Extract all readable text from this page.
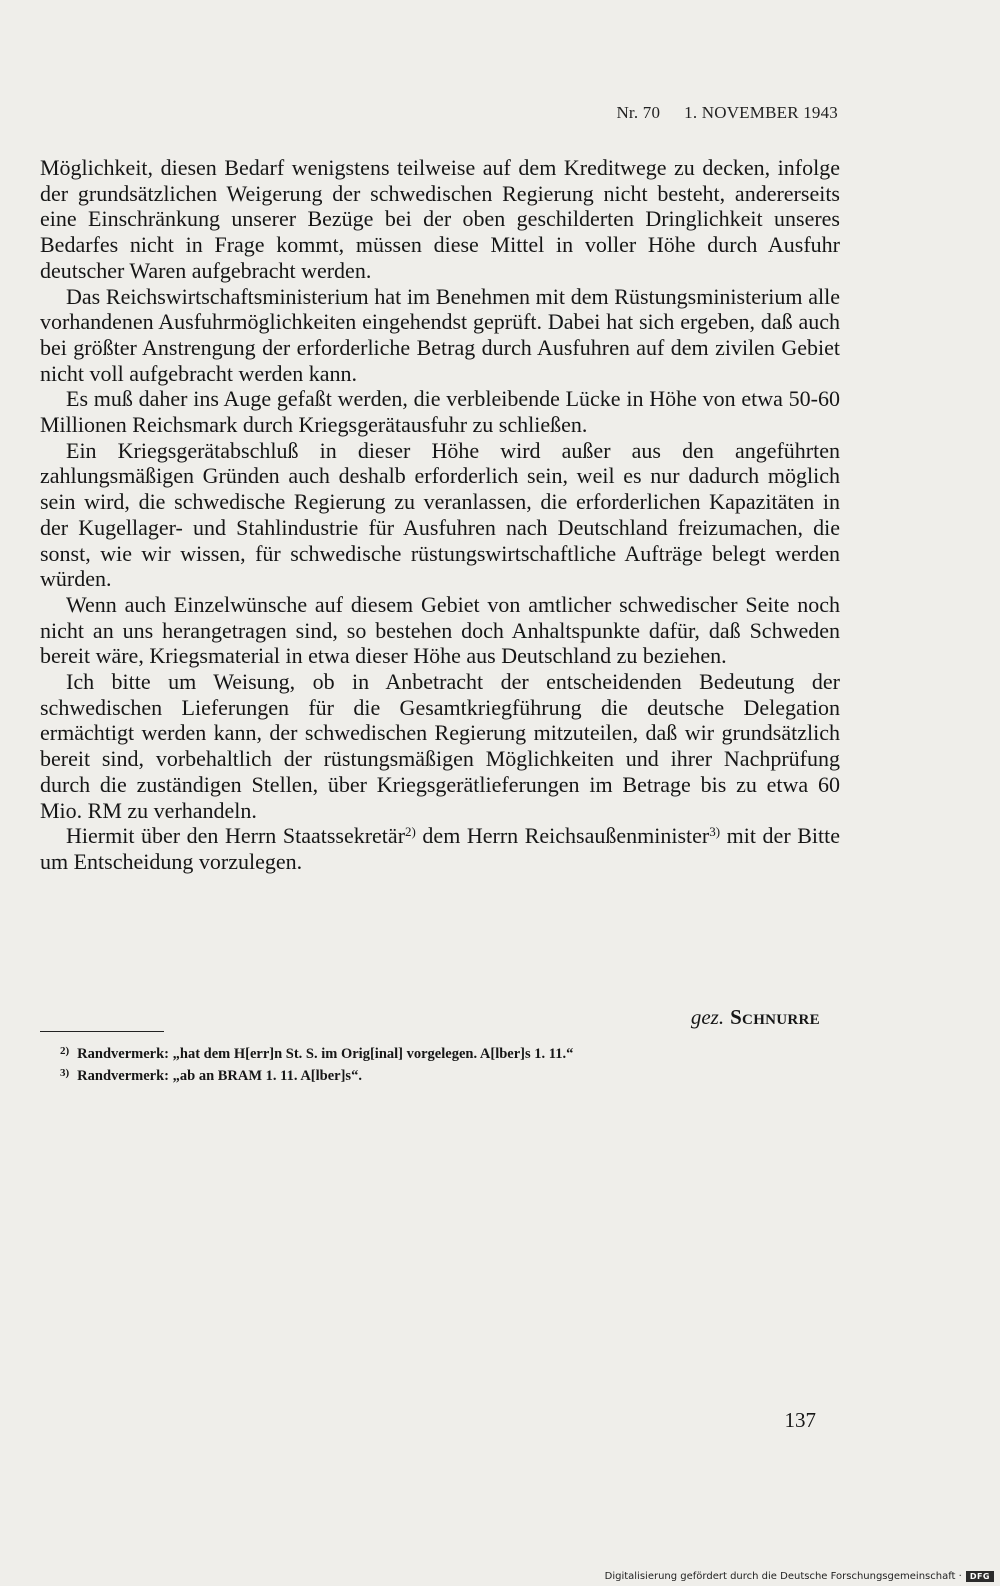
Nr. 70 1. NOVEMBER 1943

Möglichkeit, diesen Bedarf wenigstens teilweise auf dem Kreditwege zu decken, infolge der grundsätzlichen Weigerung der schwedischen Regierung nicht besteht, andererseits eine Einschränkung unserer Bezüge bei der oben geschilderten Dringlichkeit unseres Bedarfes nicht in Frage kommt, müssen diese Mittel in voller Höhe durch Ausfuhr deutscher Waren aufgebracht werden.

Das Reichswirtschaftsministerium hat im Benehmen mit dem Rüstungsministerium alle vorhandenen Ausfuhrmöglichkeiten eingehendst geprüft. Dabei hat sich ergeben, daß auch bei größter Anstrengung der erforderliche Betrag durch Ausfuhren auf dem zivilen Gebiet nicht voll aufgebracht werden kann.

Es muß daher ins Auge gefaßt werden, die verbleibende Lücke in Höhe von etwa 50-60 Millionen Reichsmark durch Kriegsgerätausfuhr zu schließen.

Ein Kriegsgerätabschluß in dieser Höhe wird außer aus den angeführten zahlungsmäßigen Gründen auch deshalb erforderlich sein, weil es nur dadurch möglich sein wird, die schwedische Regierung zu veranlassen, die erforderlichen Kapazitäten in der Kugellager- und Stahlindustrie für Ausfuhren nach Deutschland freizumachen, die sonst, wie wir wissen, für schwedische rüstungswirtschaftliche Aufträge belegt werden würden.

Wenn auch Einzelwünsche auf diesem Gebiet von amtlicher schwedischer Seite noch nicht an uns herangetragen sind, so bestehen doch Anhaltspunkte dafür, daß Schweden bereit wäre, Kriegsmaterial in etwa dieser Höhe aus Deutschland zu beziehen.

Ich bitte um Weisung, ob in Anbetracht der entscheidenden Bedeutung der schwedischen Lieferungen für die Gesamtkriegführung die deutsche Delegation ermächtigt werden kann, der schwedischen Regierung mitzuteilen, daß wir grundsätzlich bereit sind, vorbehaltlich der rüstungsmäßigen Möglichkeiten und ihrer Nachprüfung durch die zuständigen Stellen, über Kriegsgerätlieferungen im Betrage bis zu etwa 60 Mio. RM zu verhandeln.

Hiermit über den Herrn Staatssekretär$^{2)}$ dem Herrn Reichsaußenminister$^{3)}$ mit der Bitte um Entscheidung vorzulegen.

gez. Schnurre

$^{2)}$ Randvermerk: „hat dem H[err]n St. S. im Orig[inal] vorgelegen. A[lber]s 1. 11.“

$^{3)}$ Randvermerk: „ab an BRAM 1. 11. A[lber]s“.

137
Digitalisierung gefördert durch die Deutsche Forschungsgemeinschaft ·	DFG
